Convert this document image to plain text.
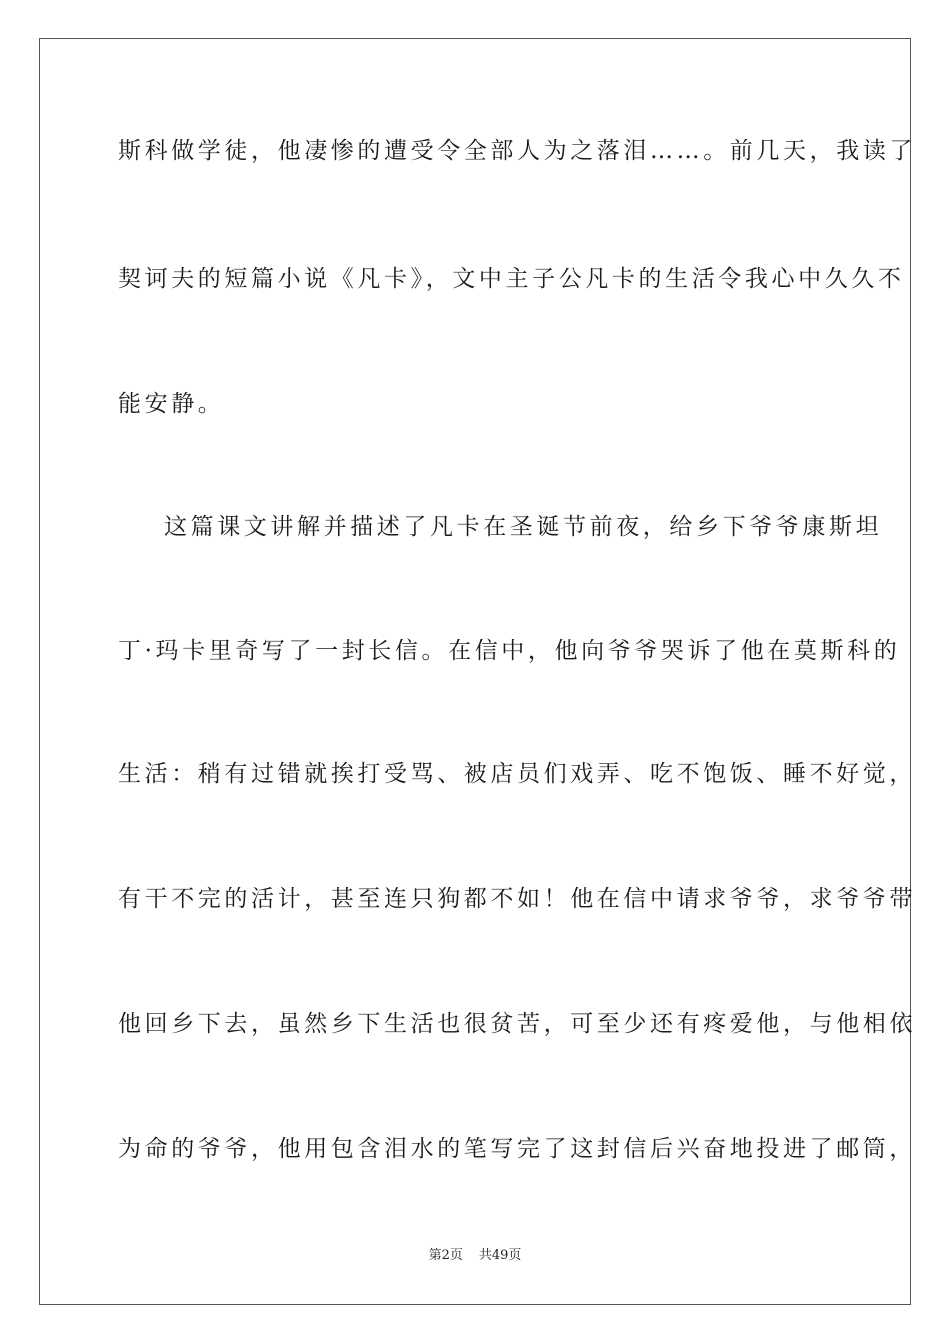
斯科做学徒，他凄惨的遭受令全部人为之落泪……。前几天，我读了
契诃夫的短篇小说《凡卡》，文中主子公凡卡的生活令我心中久久不
能安静。
这篇课文讲解并描述了凡卡在圣诞节前夜，给乡下爷爷康斯坦
丁·玛卡里奇写了一封长信。在信中，他向爷爷哭诉了他在莫斯科的
生活：稍有过错就挨打受骂、被店员们戏弄、吃不饱饭、睡不好觉，
有干不完的活计，甚至连只狗都不如！他在信中请求爷爷，求爷爷带
他回乡下去，虽然乡下生活也很贫苦，可至少还有疼爱他，与他相依
为命的爷爷，他用包含泪水的笔写完了这封信后兴奋地投进了邮筒，
第2页 共49页
